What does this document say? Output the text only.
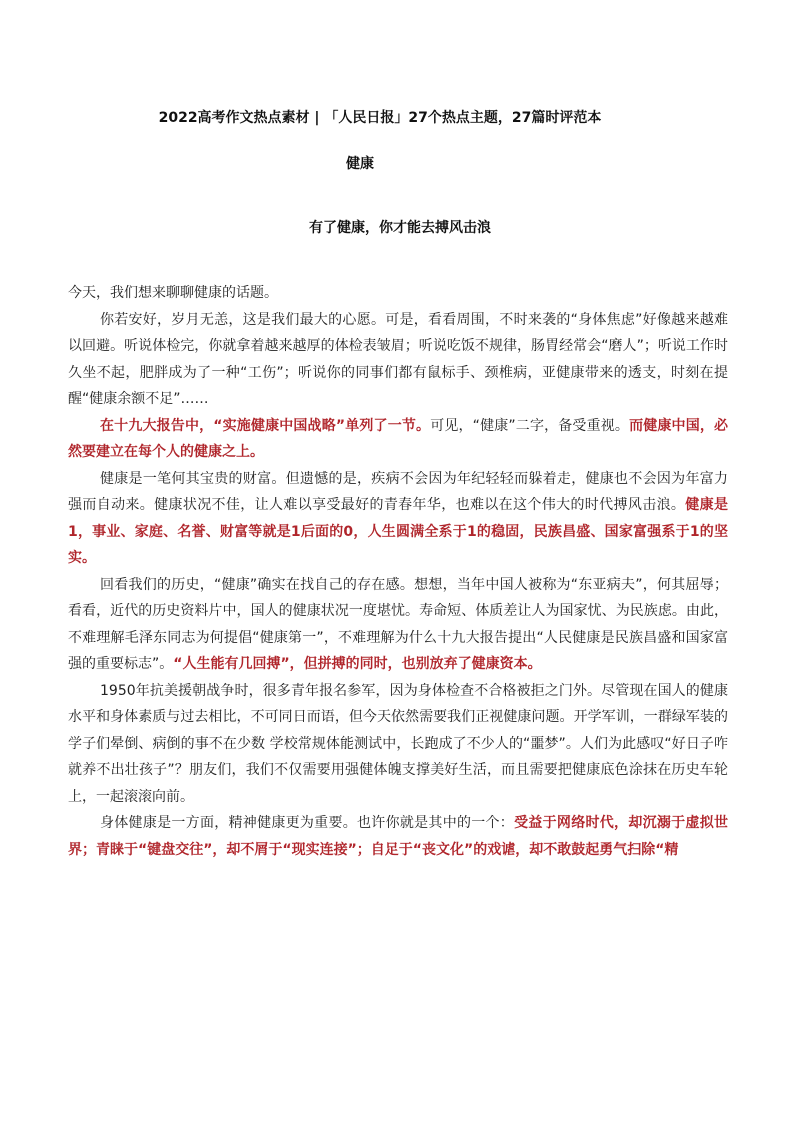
2022高考作文热点素材 | 「人民日报」27个热点主题，27篇时评范本
健康
有了健康，你才能去搏风击浪

今天，我们想来聊聊健康的话题。

你若安好，岁月无恙，这是我们最大的心愿。可是，看看周围，不时来袭的“身体焦虑”好像越来越难以回避。听说体检完，你就拿着越来越厚的体检表皱眉；听说吃饭不规律，肠胃经常会“磨人”；听说工作时久坐不起，肥胖成为了一种“工伤”；听说你的同事们都有鼠标手、颈椎病，亚健康带来的透支，时刻在提醒“健康余额不足”……

在十九大报告中，“实施健康中国战略”单列了一节。可见，“健康”二字，备受重视。而健康中国，必然要建立在每个人的健康之上。

健康是一笔何其宝贵的财富。但遗憾的是，疾病不会因为年纪轻轻而躲着走，健康也不会因为年富力强而自动来。健康状况不佳，让人难以享受最好的青春年华，也难以在这个伟大的时代搏风击浪。健康是1，事业、家庭、名誉、财富等就是1后面的0，人生圆满全系于1的稳固，民族昌盛、国家富强系于1的坚实。

回看我们的历史，“健康”确实在找自己的存在感。想想，当年中国人被称为“东亚病夫”，何其屈辱；看看，近代的历史资料片中，国人的健康状况一度堪忧。寿命短、体质差让人为国家忧、为民族虑。由此，不难理解毛泽东同志为何提倡“健康第一”，不难理解为什么十九大报告提出“人民健康是民族昌盛和国家富强的重要标志”。“人生能有几回搏”，但拼搏的同时，也别放弃了健康资本。

1950年抗美援朝战争时，很多青年报名参军，因为身体检查不合格被拒之门外。尽管现在国人的健康水平和身体素质与过去相比，不可同日而语，但今天依然需要我们正视健康问题。开学军训，一群绿军装的学子们晕倒、病倒的事不在少数 学校常规体能测试中，长跑成了不少人的“噩梦”。人们为此感叹“好日子咋就养不出壮孩子”？朋友们，我们不仅需要用强健体魄支撑美好生活，而且需要把健康底色涂抹在历史车轮上，一起滚滚向前。

身体健康是一方面，精神健康更为重要。也许你就是其中的一个：受益于网络时代，却沉溺于虚拟世界；青睐于“键盘交往”，却不屑于“现实连接”；自足于“丧文化”的戏谑，却不敢鼓起勇气扫除“精
